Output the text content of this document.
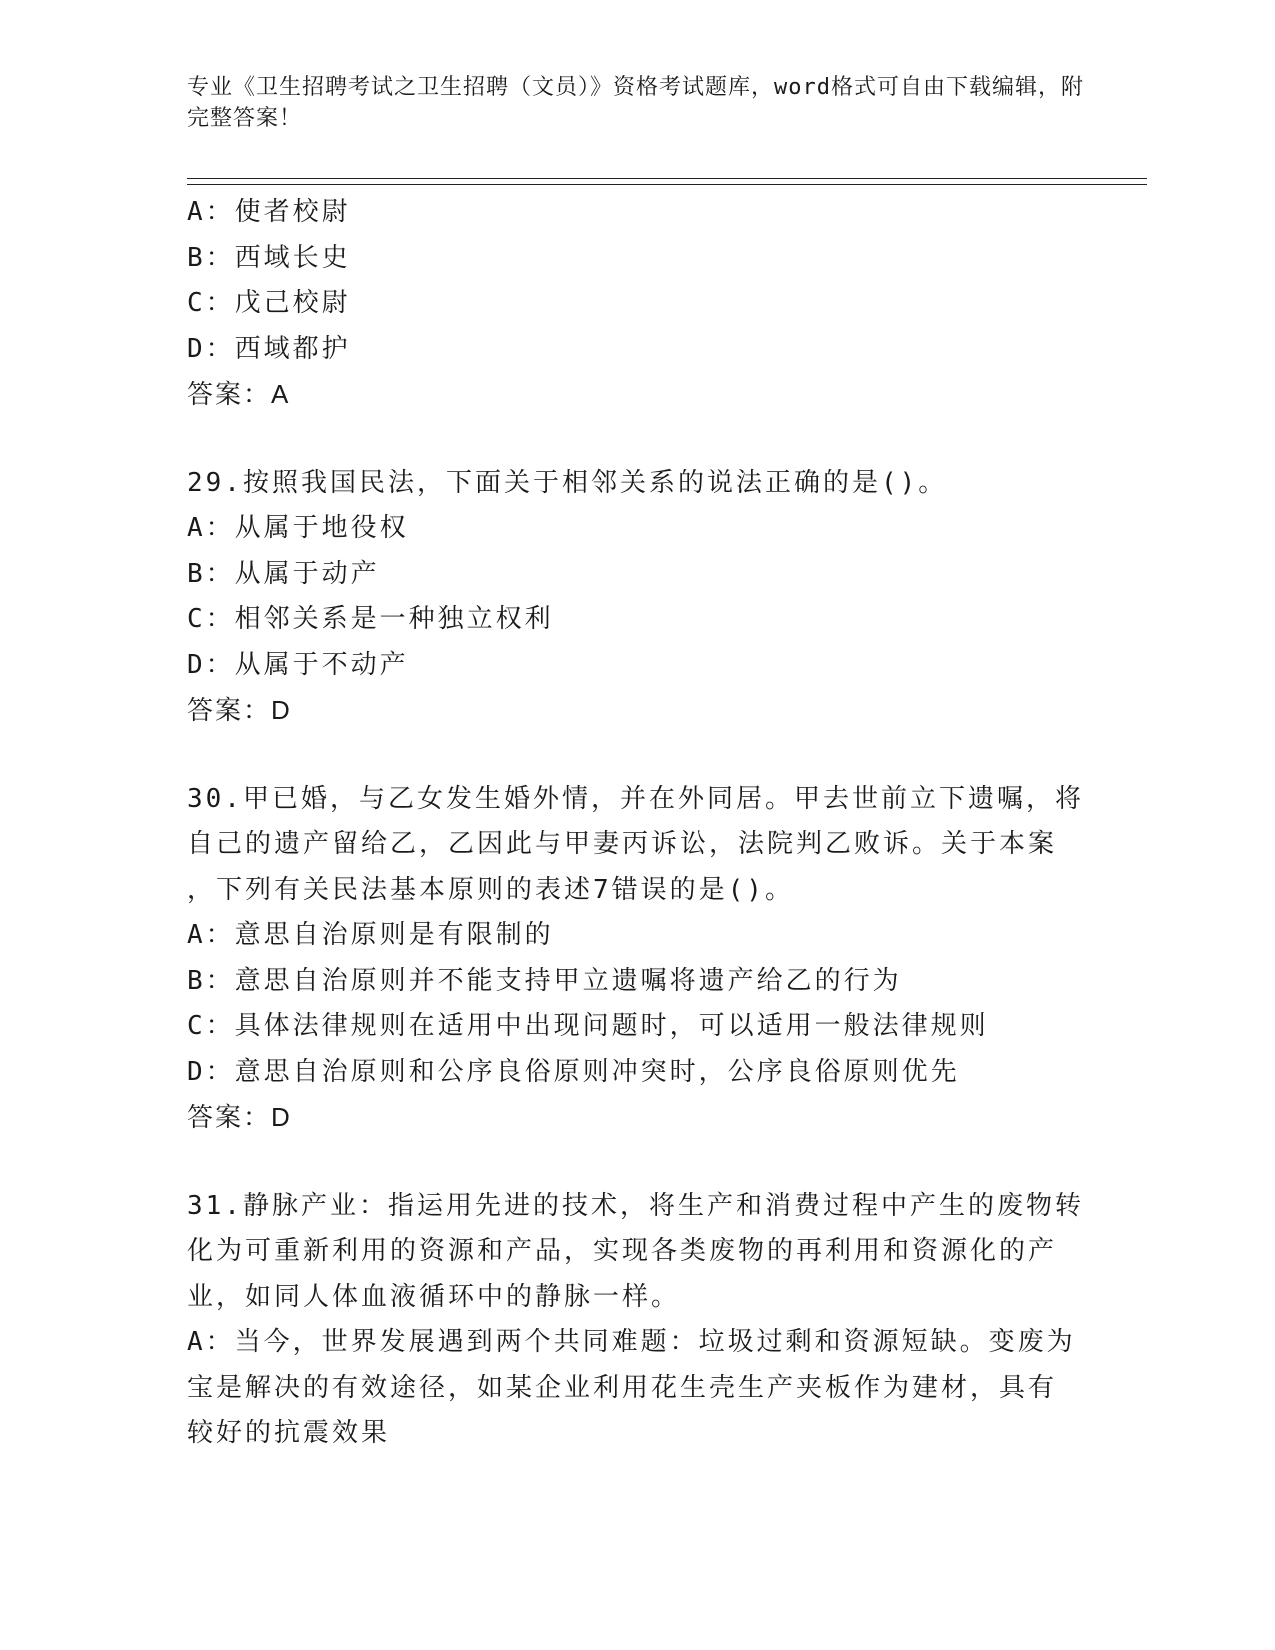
专业《卫生招聘考试之卫生招聘（文员）》资格考试题库，word格式可自由下载编辑，附完整答案！
A：使者校尉
B：西域长史
C：戊己校尉
D：西域都护
答案：A
29.按照我国民法，下面关于相邻关系的说法正确的是()。
A：从属于地役权
B：从属于动产
C：相邻关系是一种独立权利
D：从属于不动产
答案：D
30.甲已婚，与乙女发生婚外情，并在外同居。甲去世前立下遗嘱，将
自己的遗产留给乙，乙因此与甲妻丙诉讼，法院判乙败诉。关于本案
，下列有关民法基本原则的表述7错误的是()。
A：意思自治原则是有限制的
B：意思自治原则并不能支持甲立遗嘱将遗产给乙的行为
C：具体法律规则在适用中出现问题时，可以适用一般法律规则
D：意思自治原则和公序良俗原则冲突时，公序良俗原则优先
答案：D
31.静脉产业：指运用先进的技术，将生产和消费过程中产生的废物转
化为可重新利用的资源和产品，实现各类废物的再利用和资源化的产
业，如同人体血液循环中的静脉一样。
A：当今，世界发展遇到两个共同难题：垃圾过剩和资源短缺。变废为
宝是解决的有效途径，如某企业利用花生壳生产夹板作为建材，具有
较好的抗震效果
